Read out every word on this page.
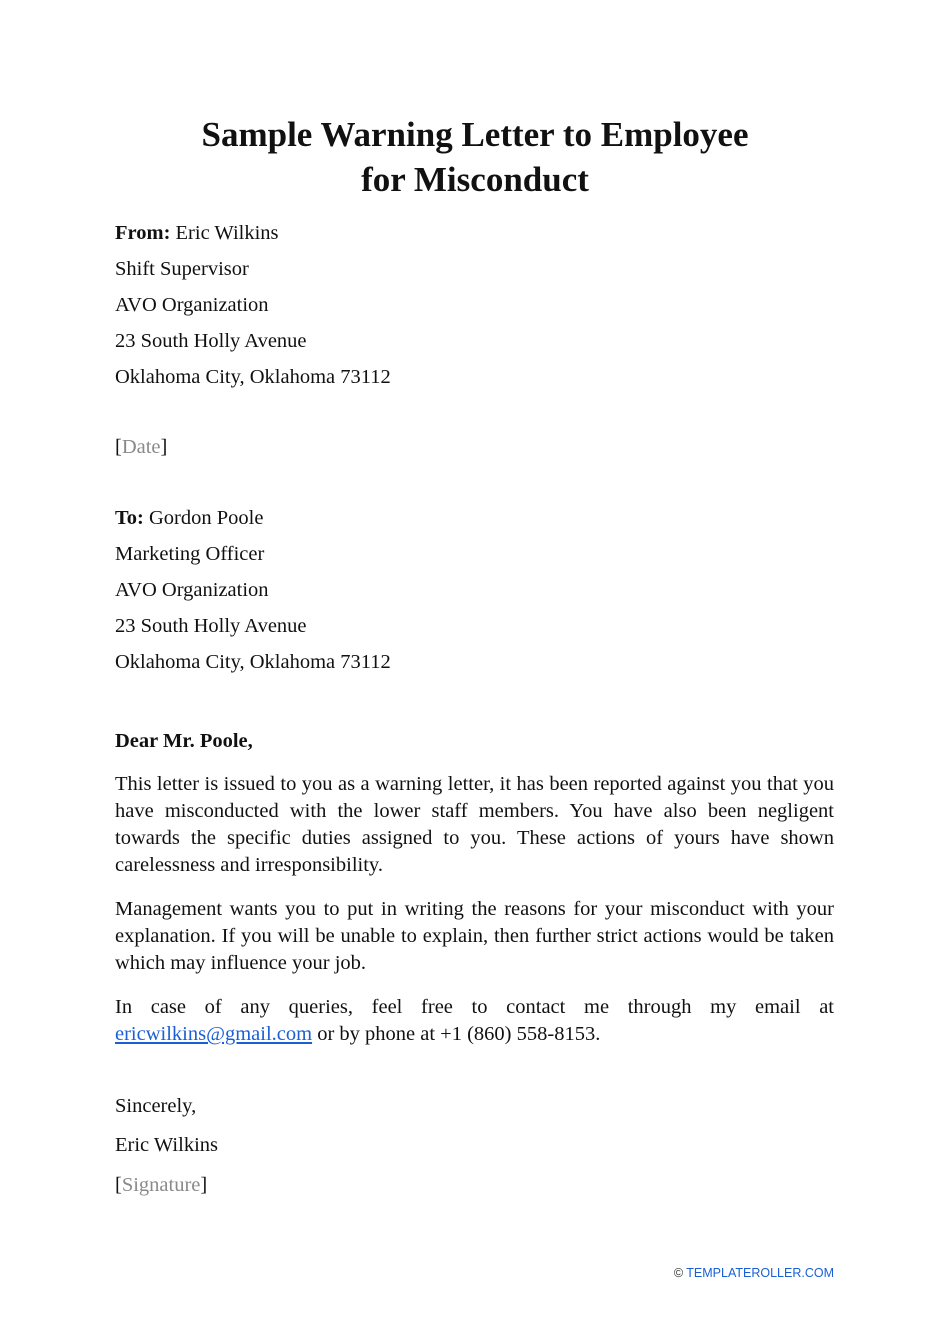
Sample Warning Letter to Employee
for Misconduct
From: Eric Wilkins
Shift Supervisor
AVO Organization
23 South Holly Avenue
Oklahoma City, Oklahoma 73112
[Date]
To: Gordon Poole
Marketing Officer
AVO Organization
23 South Holly Avenue
Oklahoma City, Oklahoma 73112
Dear Mr. Poole,

This letter is issued to you as a warning letter, it has been reported against you that you have misconducted with the lower staff members. You have also been negligent towards the specific duties assigned to you. These actions of yours have shown carelessness and irresponsibility.

Management wants you to put in writing the reasons for your misconduct with your explanation. If you will be unable to explain, then further strict actions would be taken which may influence your job.

In case of any queries, feel free to contact me through my email at ericwilkins@gmail.com or by phone at +1 (860) 558-8153.

Sincerely,
Eric Wilkins
[Signature]
© TEMPLATEROLLER.COM
